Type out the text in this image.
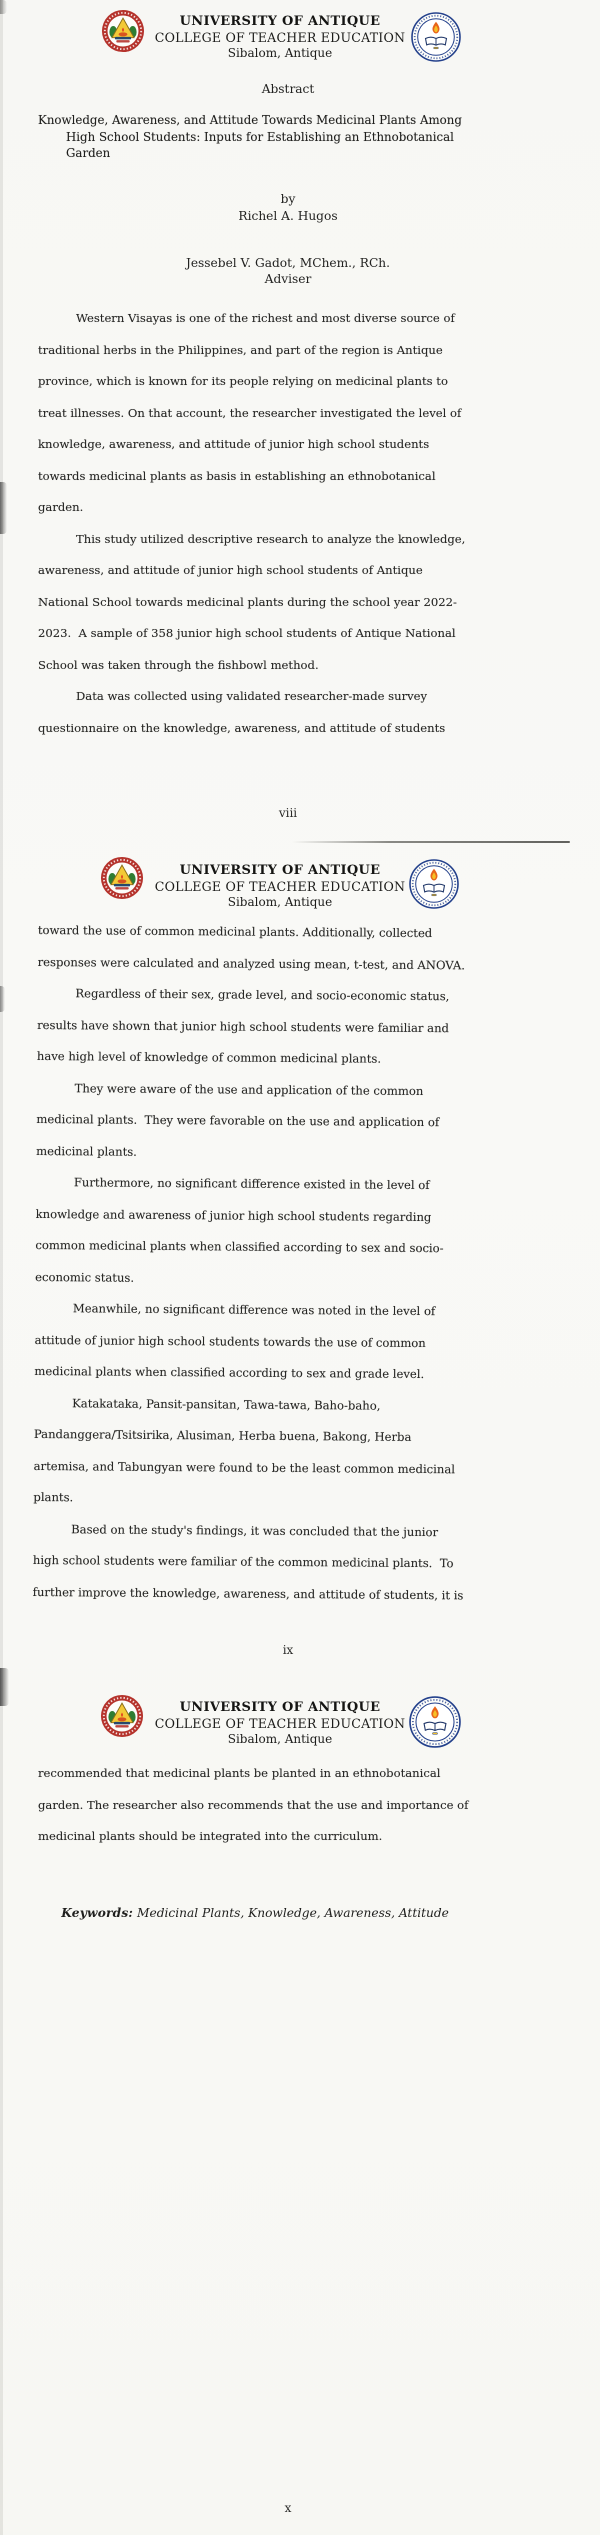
UNIVERSITY OF ANTIQUE
COLLEGE OF TEACHER EDUCATION
Sibalom, Antique
Abstract
Knowledge, Awareness, and Attitude Towards Medicinal Plants Among
High School Students: Inputs for Establishing an Ethnobotanical
Garden
by
Richel A. Hugos
Jessebel V. Gadot, MChem., RCh.
Adviser
Western Visayas is one of the richest and most diverse source of
traditional herbs in the Philippines, and part of the region is Antique
province, which is known for its people relying on medicinal plants to
treat illnesses. On that account, the researcher investigated the level of
knowledge, awareness, and attitude of junior high school students
towards medicinal plants as basis in establishing an ethnobotanical
garden.
This study utilized descriptive research to analyze the knowledge,
awareness, and attitude of junior high school students of Antique
National School towards medicinal plants during the school year 2022-
2023.  A sample of 358 junior high school students of Antique National
School was taken through the fishbowl method.
Data was collected using validated researcher-made survey
questionnaire on the knowledge, awareness, and attitude of students
viii
UNIVERSITY OF ANTIQUE
COLLEGE OF TEACHER EDUCATION
Sibalom, Antique
toward the use of common medicinal plants. Additionally, collected
responses were calculated and analyzed using mean, t-test, and ANOVA.
Regardless of their sex, grade level, and socio-economic status,
results have shown that junior high school students were familiar and
have high level of knowledge of common medicinal plants.
They were aware of the use and application of the common
medicinal plants.  They were favorable on the use and application of
medicinal plants.
Furthermore, no significant difference existed in the level of
knowledge and awareness of junior high school students regarding
common medicinal plants when classified according to sex and socio-
economic status.
Meanwhile, no significant difference was noted in the level of
attitude of junior high school students towards the use of common
medicinal plants when classified according to sex and grade level.
Katakataka, Pansit-pansitan, Tawa-tawa, Baho-baho,
Pandanggera/Tsitsirika, Alusiman, Herba buena, Bakong, Herba
artemisa, and Tabungyan were found to be the least common medicinal
plants.
Based on the study's findings, it was concluded that the junior
high school students were familiar of the common medicinal plants.  To
further improve the knowledge, awareness, and attitude of students, it is
ix
UNIVERSITY OF ANTIQUE
COLLEGE OF TEACHER EDUCATION
Sibalom, Antique
recommended that medicinal plants be planted in an ethnobotanical
garden. The researcher also recommends that the use and importance of
medicinal plants should be integrated into the curriculum.

Keywords: Medicinal Plants, Knowledge, Awareness, Attitude

x
